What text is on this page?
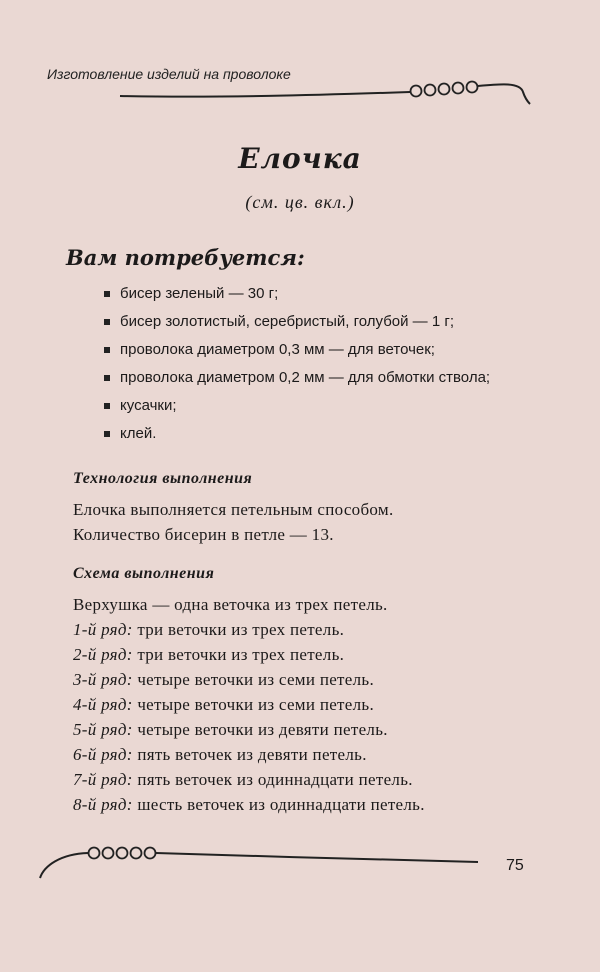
Изготовление изделий на проволоке
Елочка
(см. цв. вкл.)
Вам потребуется:
бисер зеленый — 30 г;
бисер золотистый, серебристый, голубой — 1 г;
проволока диаметром 0,3 мм — для веточек;
проволока диаметром 0,2 мм — для обмотки ствола;
кусачки;
клей.
Технология выполнения
Елочка выполняется петельным способом.
Количество бисерин в петле — 13.
Схема выполнения
Верхушка — одна веточка из трех петель.
1-й ряд: три веточки из трех петель.
2-й ряд: три веточки из трех петель.
3-й ряд: четыре веточки из семи петель.
4-й ряд: четыре веточки из семи петель.
5-й ряд: четыре веточки из девяти петель.
6-й ряд: пять веточек из девяти петель.
7-й ряд: пять веточек из одиннадцати петель.
8-й ряд: шесть веточек из одиннадцати петель.
75
